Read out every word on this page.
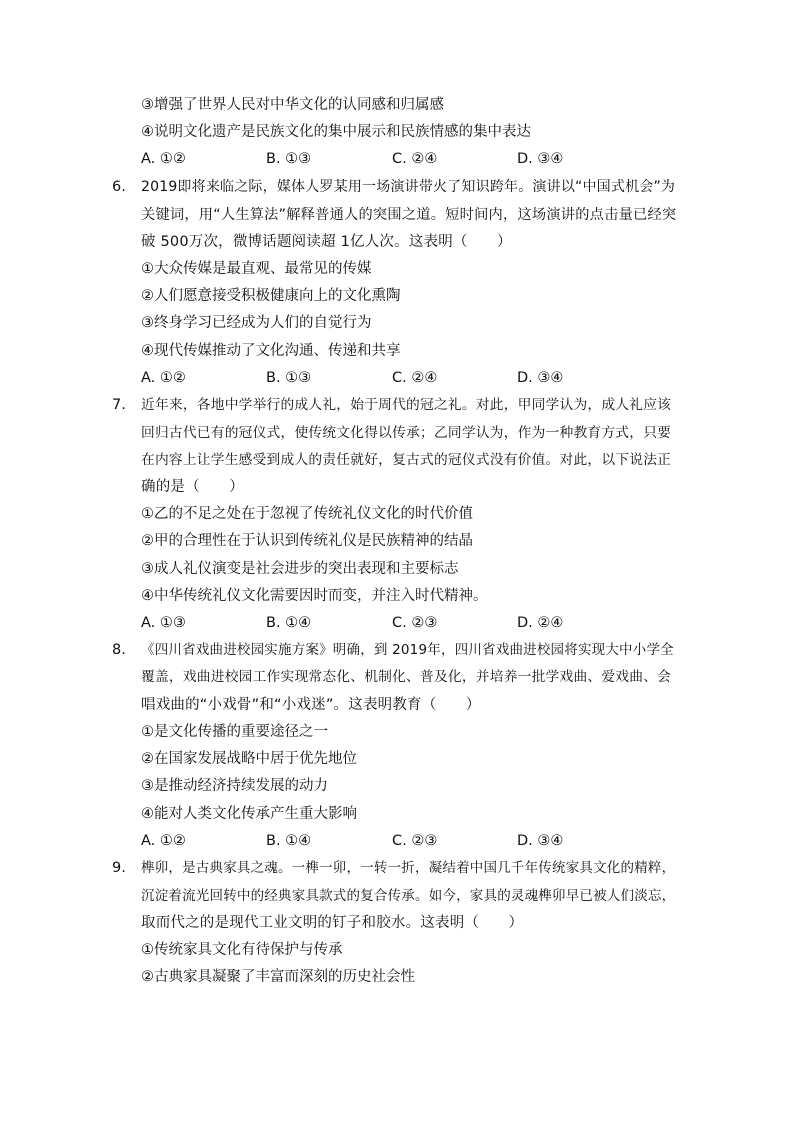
③增强了世界人民对中华文化的认同感和归属感
④说明文化遗产是民族文化的集中展示和民族情感的集中表达
A. ①②	B. ①③	C. ②④	D. ③④
6. 2019即将来临之际，媒体人罗某用一场演讲带火了知识跨年。演讲以“中国式机会”为
关键词，用“人生算法”解释普通人的突围之道。短时间内，这场演讲的点击量已经突
破 500万次，微博话题阅读超 1亿人次。这表明（　　）
①大众传媒是最直观、最常见的传媒
②人们愿意接受积极健康向上的文化熏陶
③终身学习已经成为人们的自觉行为
④现代传媒推动了文化沟通、传递和共享
A. ①②	B. ①③	C. ②④	D. ③④
7. 近年来，各地中学举行的成人礼，始于周代的冠之礼。对此，甲同学认为，成人礼应该
回归古代已有的冠仪式，使传统文化得以传承；乙同学认为，作为一种教育方式，只要
在内容上让学生感受到成人的责任就好，复古式的冠仪式没有价值。对此，以下说法正
确的是（　　）
①乙的不足之处在于忽视了传统礼仪文化的时代价值
②甲的合理性在于认识到传统礼仪是民族精神的结晶
③成人礼仪演变是社会进步的突出表现和主要标志
④中华传统礼仪文化需要因时而变，并注入时代精神。
A. ①③	B. ①④	C. ②③	D. ②④
8. 《四川省戏曲进校园实施方案》明确，到 2019年，四川省戏曲进校园将实现大中小学全
覆盖，戏曲进校园工作实现常态化、机制化、普及化，并培养一批学戏曲、爱戏曲、会
唱戏曲的“小戏骨”和“小戏迷”。这表明教育（　　）
①是文化传播的重要途径之一
②在国家发展战略中居于优先地位
③是推动经济持续发展的动力
④能对人类文化传承产生重大影响
A. ①②	B. ①④	C. ②③	D. ③④
9. 榫卯，是古典家具之魂。一榫一卯，一转一折，凝结着中国几千年传统家具文化的精粹，
沉淀着流光回转中的经典家具款式的复合传承。如今，家具的灵魂榫卯早已被人们淡忘，
取而代之的是现代工业文明的钉子和胶水。这表明（　　）
①传统家具文化有待保护与传承
②古典家具凝聚了丰富而深刻的历史社会性
